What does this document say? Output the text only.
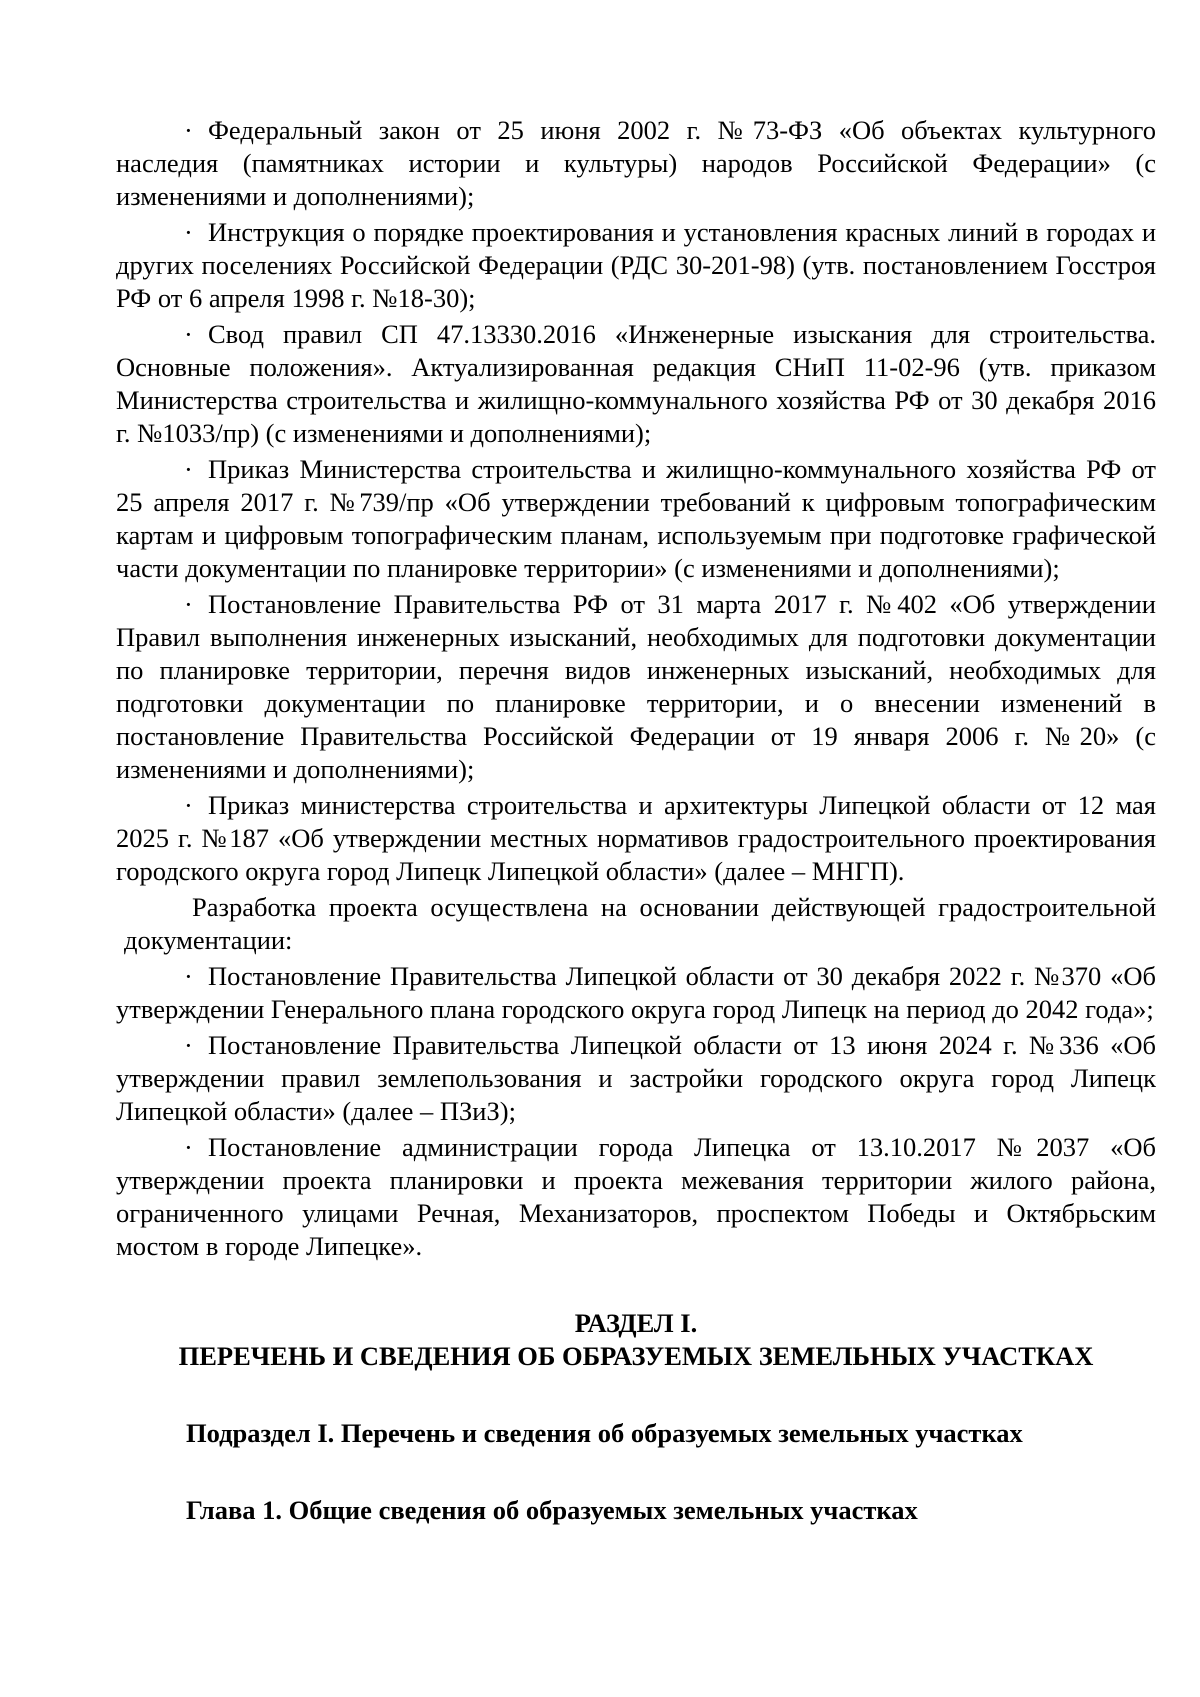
· Федеральный закон от 25 июня 2002 г. №73-ФЗ «Об объектах культурного наследия (памятниках истории и культуры) народов Российской Федерации» (с изменениями и дополнениями);

· Инструкция о порядке проектирования и установления красных линий в городах и других поселениях Российской Федерации (РДС 30-201-98) (утв. постановлением Госстроя РФ от 6 апреля 1998 г. №18-30);

· Свод правил СП 47.13330.2016 «Инженерные изыскания для строительства. Основные положения». Актуализированная редакция СНиП 11-02-96 (утв. приказом Министерства строительства и жилищно-коммунального хозяйства РФ от 30 декабря 2016 г. №1033/пр) (с изменениями и дополнениями);

· Приказ Министерства строительства и жилищно-коммунального хозяйства РФ от 25 апреля 2017 г. №739/пр «Об утверждении требований к цифровым топографическим картам и цифровым топографическим планам, используемым при подготовке графической части документации по планировке территории» (с изменениями и дополнениями);

· Постановление Правительства РФ от 31 марта 2017 г. №402 «Об утверждении Правил выполнения инженерных изысканий, необходимых для подготовки документации по планировке территории, перечня видов инженерных изысканий, необходимых для подготовки документации по планировке территории, и о внесении изменений в постановление Правительства Российской Федерации от 19 января 2006 г. №20» (с изменениями и дополнениями);

· Приказ министерства строительства и архитектуры Липецкой области от 12 мая 2025 г. №187 «Об утверждении местных нормативов градостроительного проектирования городского округа город Липецк Липецкой области» (далее – МНГП).

Разработка проекта осуществлена на основании действующей градостроительной документации:

· Постановление Правительства Липецкой области от 30 декабря 2022 г. №370 «Об утверждении Генерального плана городского округа город Липецк на период до 2042 года»;

· Постановление Правительства Липецкой области от 13 июня 2024 г. №336 «Об утверждении правил землепользования и застройки городского округа город Липецк Липецкой области» (далее – ПЗиЗ);

· Постановление администрации города Липецка от 13.10.2017 №2037 «Об утверждении проекта планировки и проекта межевания территории жилого района, ограниченного улицами Речная, Механизаторов, проспектом Победы и Октябрьским мостом в городе Липецке».

РАЗДЕЛ I.
ПЕРЕЧЕНЬ И СВЕДЕНИЯ ОБ ОБРАЗУЕМЫХ ЗЕМЕЛЬНЫХ УЧАСТКАХ
Подраздел I. Перечень и сведения об образуемых земельных участках
Глава 1. Общие сведения об образуемых земельных участках
